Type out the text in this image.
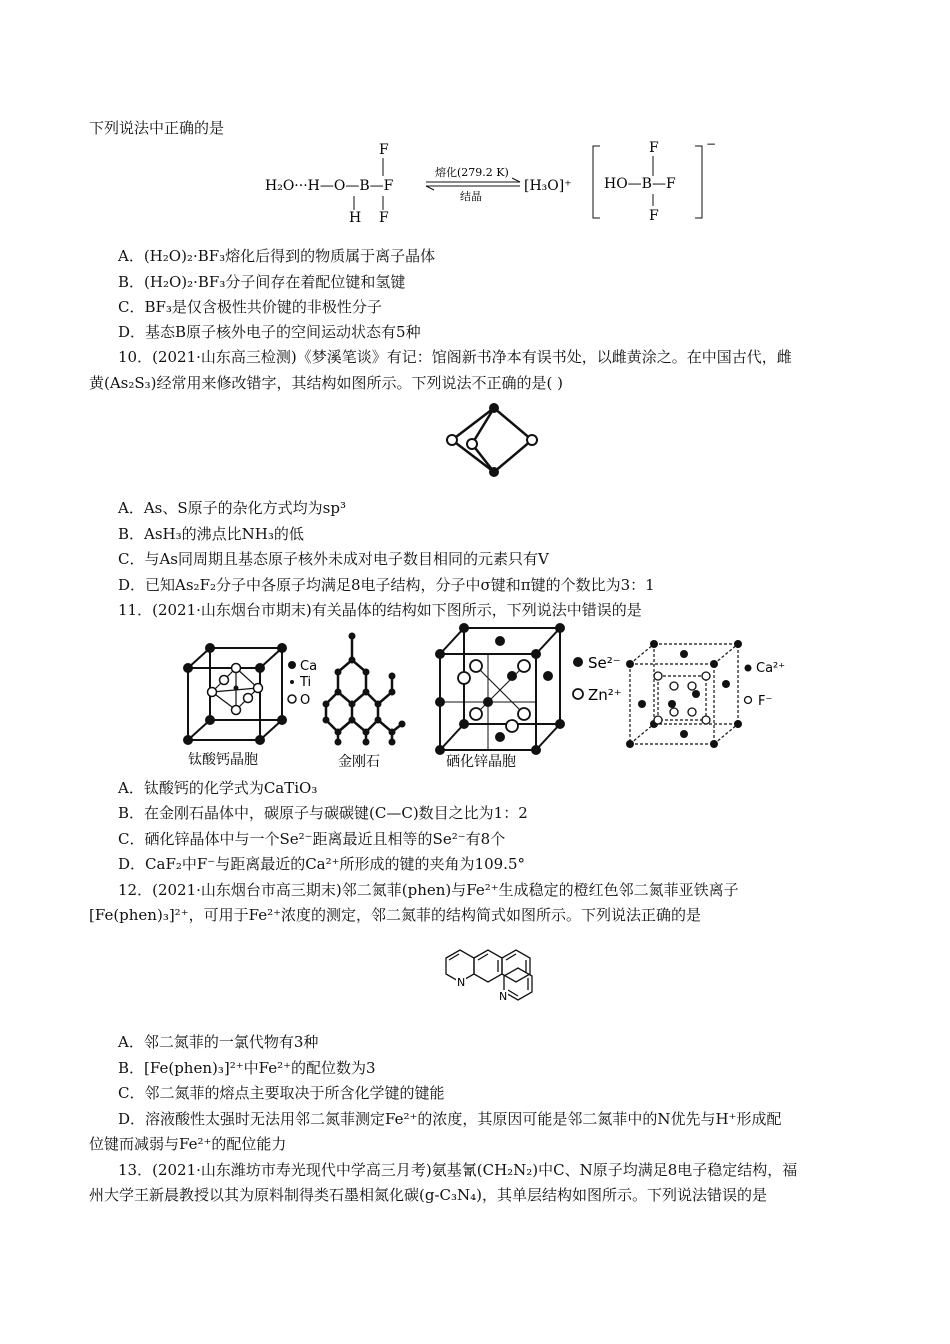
下列说法中正确的是
H₂O···H—O—B—F
F
F
H
熔化(279.2 K)
结晶
[H₃O]⁺
F
HO—B—F
F
−
A．(H₂O)₂·BF₃熔化后得到的物质属于离子晶体
B．(H₂O)₂·BF₃分子间存在着配位键和氢键
C．BF₃是仅含极性共价键的非极性分子
D．基态B原子核外电子的空间运动状态有5种
10．(2021·山东高三检测)《梦溪笔谈》有记：馆阁新书净本有误书处，以雌黄涂之。在中国古代，雌
黄(As₂S₃)经常用来修改错字，其结构如图所示。下列说法不正确的是( )
A．As、S原子的杂化方式均为sp³
B．AsH₃的沸点比NH₃的低
C．与As同周期且基态原子核外未成对电子数目相同的元素只有V
D．已知As₂F₂分子中各原子均满足8电子结构，分子中σ键和π键的个数比为3：1
11．(2021·山东烟台市期末)有关晶体的结构如下图所示，下列说法中错误的是
Ca
Ti
O
钛酸钙晶胞	金刚石
Se²⁻
Zn²⁺
硒化锌晶胞
Ca²⁺
F⁻
A．钛酸钙的化学式为CaTiO₃
B．在金刚石晶体中，碳原子与碳碳键(C—C)数目之比为1：2
C．硒化锌晶体中与一个Se²⁻距离最近且相等的Se²⁻有8个
D．CaF₂中F⁻与距离最近的Ca²⁺所形成的键的夹角为109.5°
12．(2021·山东烟台市高三期末)邻二氮菲(phen)与Fe²⁺生成稳定的橙红色邻二氮菲亚铁离子
[Fe(phen)₃]²⁺，可用于Fe²⁺浓度的测定，邻二氮菲的结构简式如图所示。下列说法正确的是
N
N
A．邻二氮菲的一氯代物有3种
B．[Fe(phen)₃]²⁺中Fe²⁺的配位数为3
C．邻二氮菲的熔点主要取决于所含化学键的键能
D．溶液酸性太强时无法用邻二氮菲测定Fe²⁺的浓度，其原因可能是邻二氮菲中的N优先与H⁺形成配
位键而减弱与Fe²⁺的配位能力
13．(2021·山东潍坊市寿光现代中学高三月考)氨基氰(CH₂N₂)中C、N原子均满足8电子稳定结构，福
州大学王新晨教授以其为原料制得类石墨相氮化碳(g-C₃N₄)，其单层结构如图所示。下列说法错误的是
